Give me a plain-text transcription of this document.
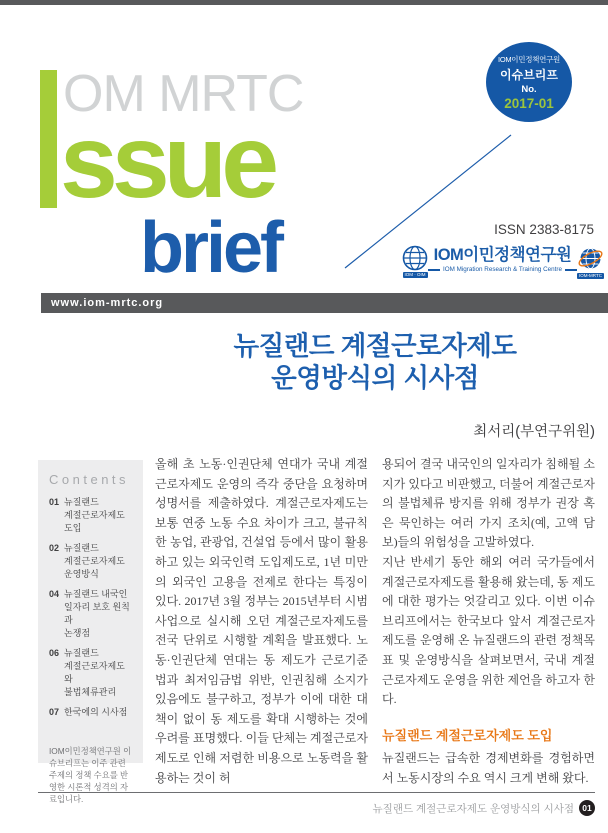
OM MRTC
ssue
brief
IOM이민정책연구원
이슈브리프
No.
2017-01
ISSN 2383-8175
IOM · OIM
IOM이민정책연구원
IOM Migration Research & Training Centre
IOM-MRTC
www.iom-mrtc.org
뉴질랜드 계절근로자제도
운영방식의 시사점
최서리(부연구위원)
Contents
01 뉴질랜드
계절근로자제도 도입
02 뉴질랜드
계절근로자제도
운영방식
04 뉴질랜드 내국인
일자리 보호 원칙과
논쟁점
06 뉴질랜드
계절근로자제도와
불법체류관리
07 한국에의 시사점
IOM이민정책연구원 이슈브리프는 이주 관련 주제의 정책 수요를 반영한 시론적 성격의 자료입니다.

올해 초 노동·인권단체 연대가 국내 계절근로자제도 운영의 즉각 중단을 요청하며 성명서를 제출하였다. 계절근로자제도는 보통 연중 노동 수요 차이가 크고, 불규칙한 농업, 관광업, 건설업 등에서 많이 활용하고 있는 외국인력 도입제도로, 1년 미만의 외국인 고용을 전제로 한다는 특징이 있다. 2017년 3월 정부는 2015년부터 시범사업으로 실시해 오던 계절근로자제도를 전국 단위로 시행할 계획을 발표했다. 노동·인권단체 연대는 동 제도가 근로기준법과 최저임금법 위반, 인권침해 소지가 있음에도 불구하고, 정부가 이에 대한 대책이 없이 동 제도를 확대 시행하는 것에 우려를 표명했다. 이들 단체는 계절근로자제도로 인해 저렴한 비용으로 노동력을 활용하는 것이 허

용되어 결국 내국인의 일자리가 침해될 소지가 있다고 비판했고, 더불어 계절근로자의 불법체류 방지를 위해 정부가 권장 혹은 묵인하는 여러 가지 조치(예, 고액 담보)들의 위험성을 고발하였다.

지난 반세기 동안 해외 여러 국가들에서 계절근로자제도를 활용해 왔는데, 동 제도에 대한 평가는 엇갈리고 있다. 이번 이슈브리프에서는 한국보다 앞서 계절근로자제도를 운영해 온 뉴질랜드의 관련 정책목표 및 운영방식을 살펴보면서, 국내 계절근로자제도 운영을 위한 제언을 하고자 한다.

뉴질랜드 계절근로자제도 도입

뉴질랜드는 급속한 경제변화를 경험하면서 노동시장의 수요 역시 크게 변해 왔다.

뉴질랜드 계절근로자제도 운영방식의 시사점 01
